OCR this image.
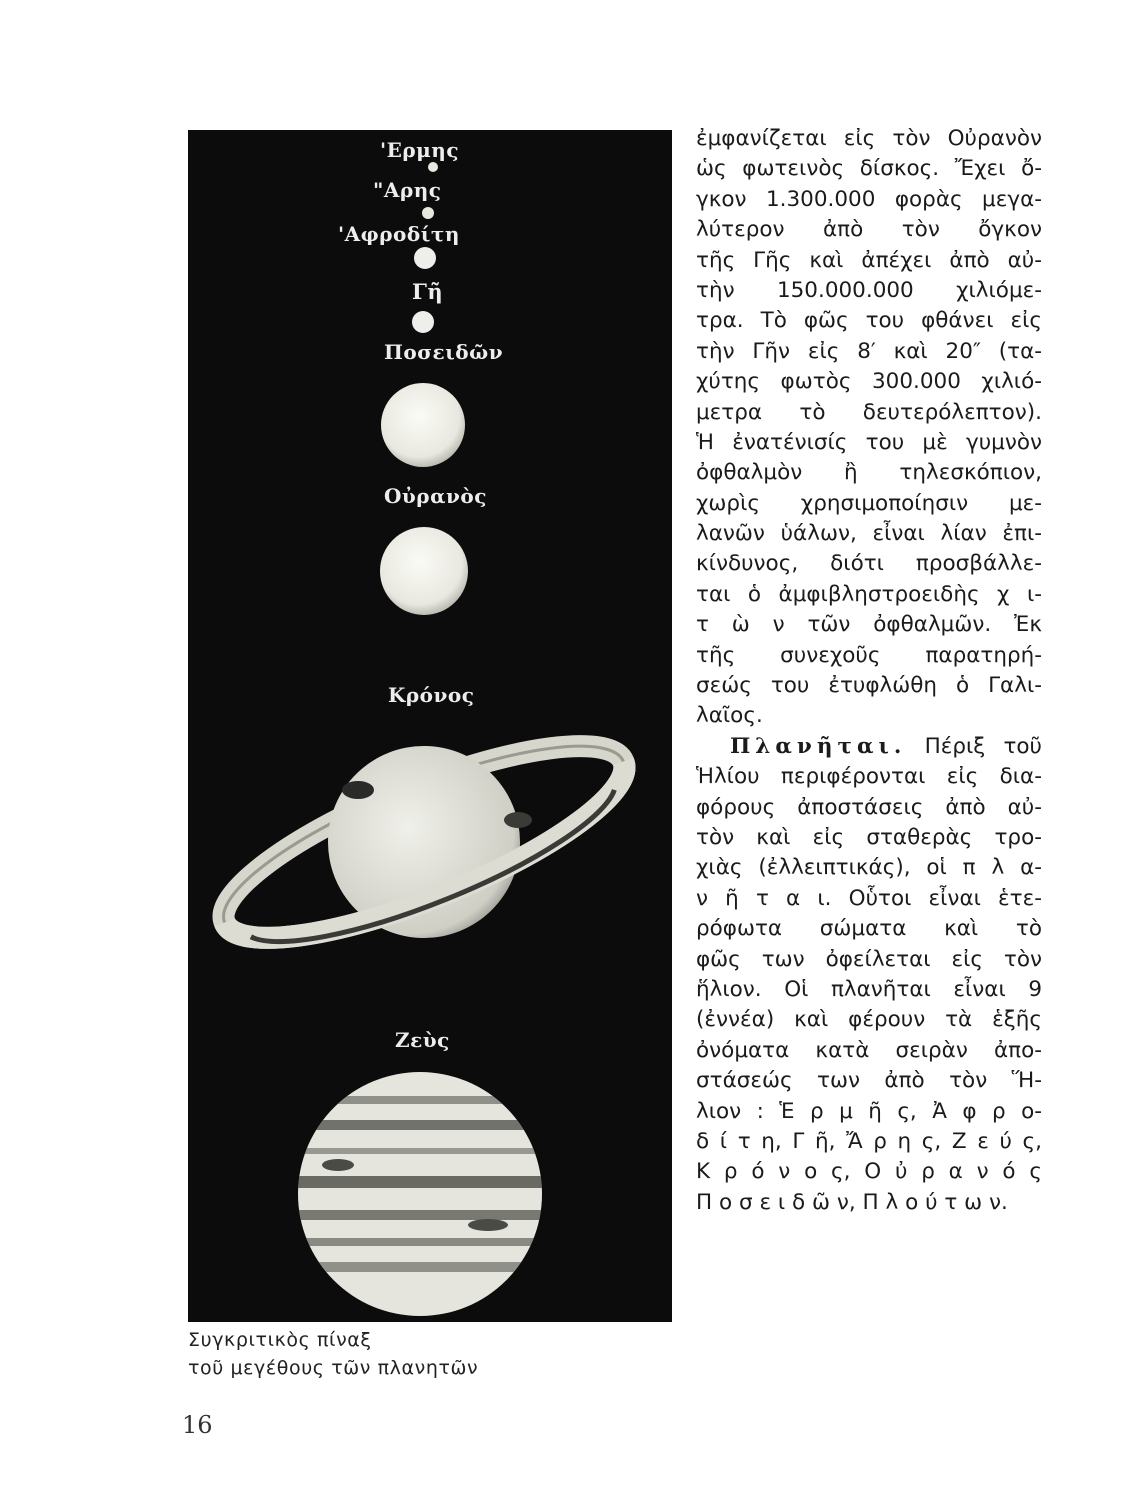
'Ερμης
"Αρης
'Αφροδίτη
Γῆ
Ποσειδῶν
Οὐρανὸς
Κρόνος
Ζεὺς
Συγκριτικὸς πίναξ
τοῦ μεγέθους τῶν πλανητῶν
16
ἐμφανίζεται εἰς τὸν Οὐρανὸν
ὡς φωτεινὸς δίσκος. Ἔχει ὄ-
γκον 1.300.000 φορὰς μεγα-
λύτερον ἀπὸ τὸν ὄγκον
τῆς Γῆς καὶ ἀπέχει ἀπὸ αὐ-
τὴν 150.000.000 χιλιόμε-
τρα. Τὸ φῶς του φθάνει εἰς
τὴν Γῆν εἰς 8′ καὶ 20″ (τα-
χύτης φωτὸς 300.000 χιλιό-
μετρα τὸ δευτερόλεπτον).
Ἡ ἐνατένισίς του μὲ γυμνὸν
ὀφθαλμὸν ἢ τηλεσκόπιον,
χωρὶς χρησιμοποίησιν με-
λανῶν ὑάλων, εἶναι λίαν ἐπι-
κίνδυνος, διότι προσβάλλε-
ται ὁ ἀμφιβληστροειδὴς χ ι-
τ ὼ ν τῶν ὀφθαλμῶν. Ἐκ
τῆς συνεχοῦς παρατηρή-
σεώς του ἐτυφλώθη ὁ Γαλι-
λαῖος.
Πλανῆται. Πέριξ τοῦ
Ἡλίου περιφέρονται εἰς δια-
φόρους ἀποστάσεις ἀπὸ αὐ-
τὸν καὶ εἰς σταθερὰς τρο-
χιὰς (ἐλλειπτικάς), οἱ π λ α-
ν ῆ τ α ι. Οὗτοι εἶναι ἑτε-
ρόφωτα σώματα καὶ τὸ
φῶς των ὀφείλεται εἰς τὸν
ἥλιον. Οἱ πλανῆται εἶναι 9
(ἐννέα) καὶ φέρουν τὰ ἑξῆς
ὀνόματα κατὰ σειρὰν ἀπο-
στάσεώς των ἀπὸ τὸν Ἥ-
λιον : Ἑ ρ μ ῆ ς, Ἀ φ ρ ο-
δ ί τ η, Γ ῆ, Ἄ ρ η ς, Ζ ε ύ ς,
Κ ρ ό ν ο ς, Ο ὐ ρ α ν ό ς
Π ο σ ε ι δ ῶ ν, Π λ ο ύ τ ω ν.
